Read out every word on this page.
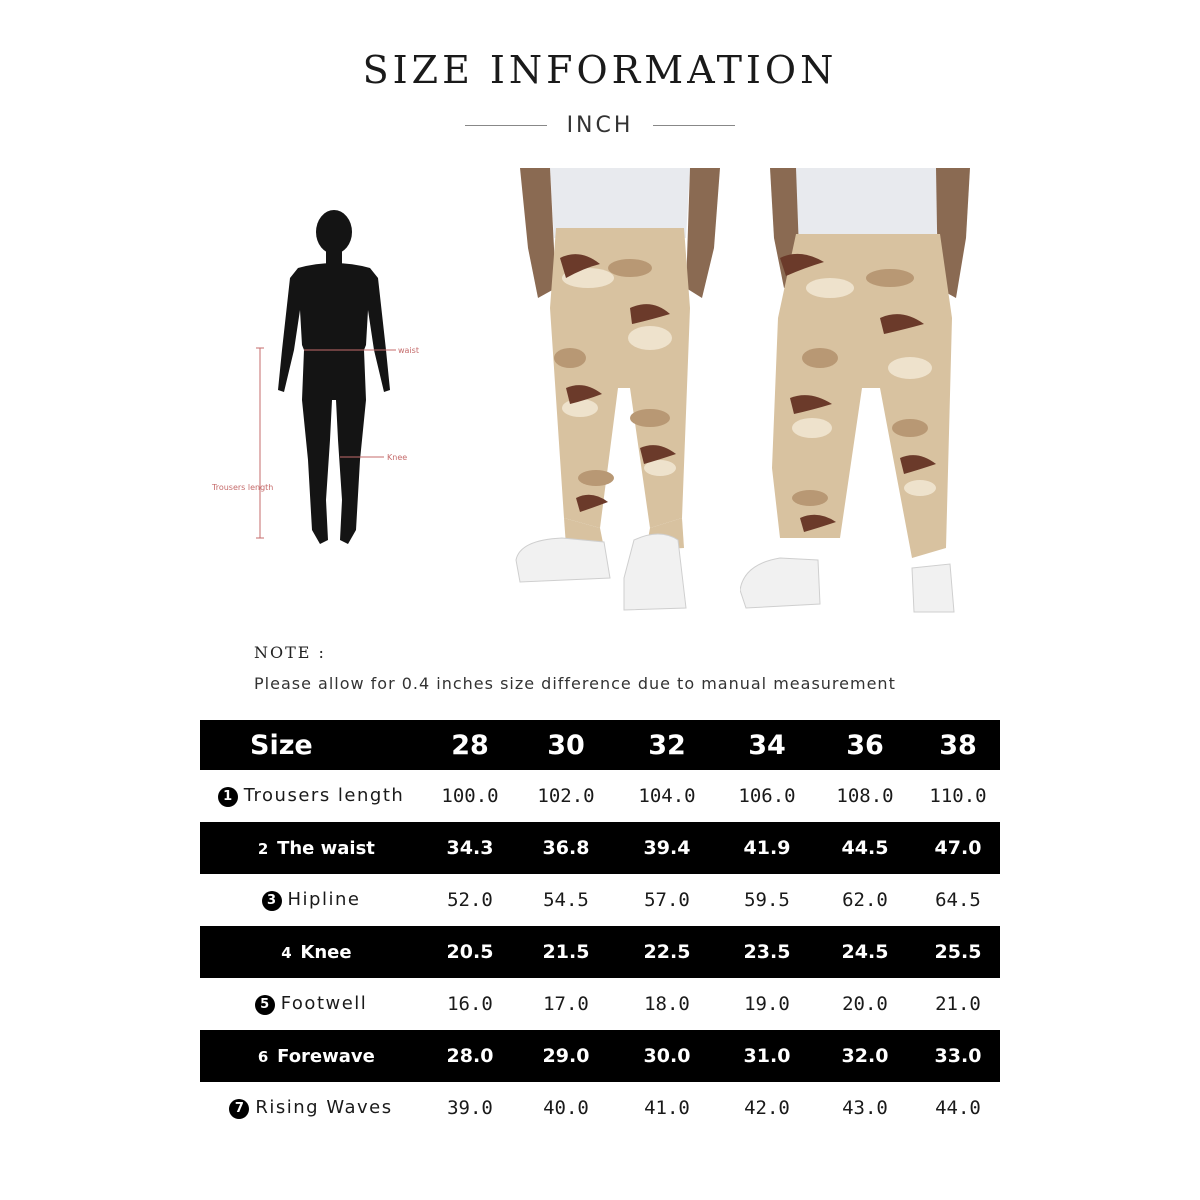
SIZE INFORMATION
INCH
waist
Knee
Trousers length
NOTE :
Please allow for 0.4 inches size difference due to manual measurement
Size	28	30	32	34	36	38
1 Trousers length	100.0	102.0	104.0	106.0	108.0	110.0
2 The waist	34.3	36.8	39.4	41.9	44.5	47.0
3 Hipline	52.0	54.5	57.0	59.5	62.0	64.5
4 Knee	20.5	21.5	22.5	23.5	24.5	25.5
5 Footwell	16.0	17.0	18.0	19.0	20.0	21.0
6 Forewave	28.0	29.0	30.0	31.0	32.0	33.0
7 Rising Waves	39.0	40.0	41.0	42.0	43.0	44.0
